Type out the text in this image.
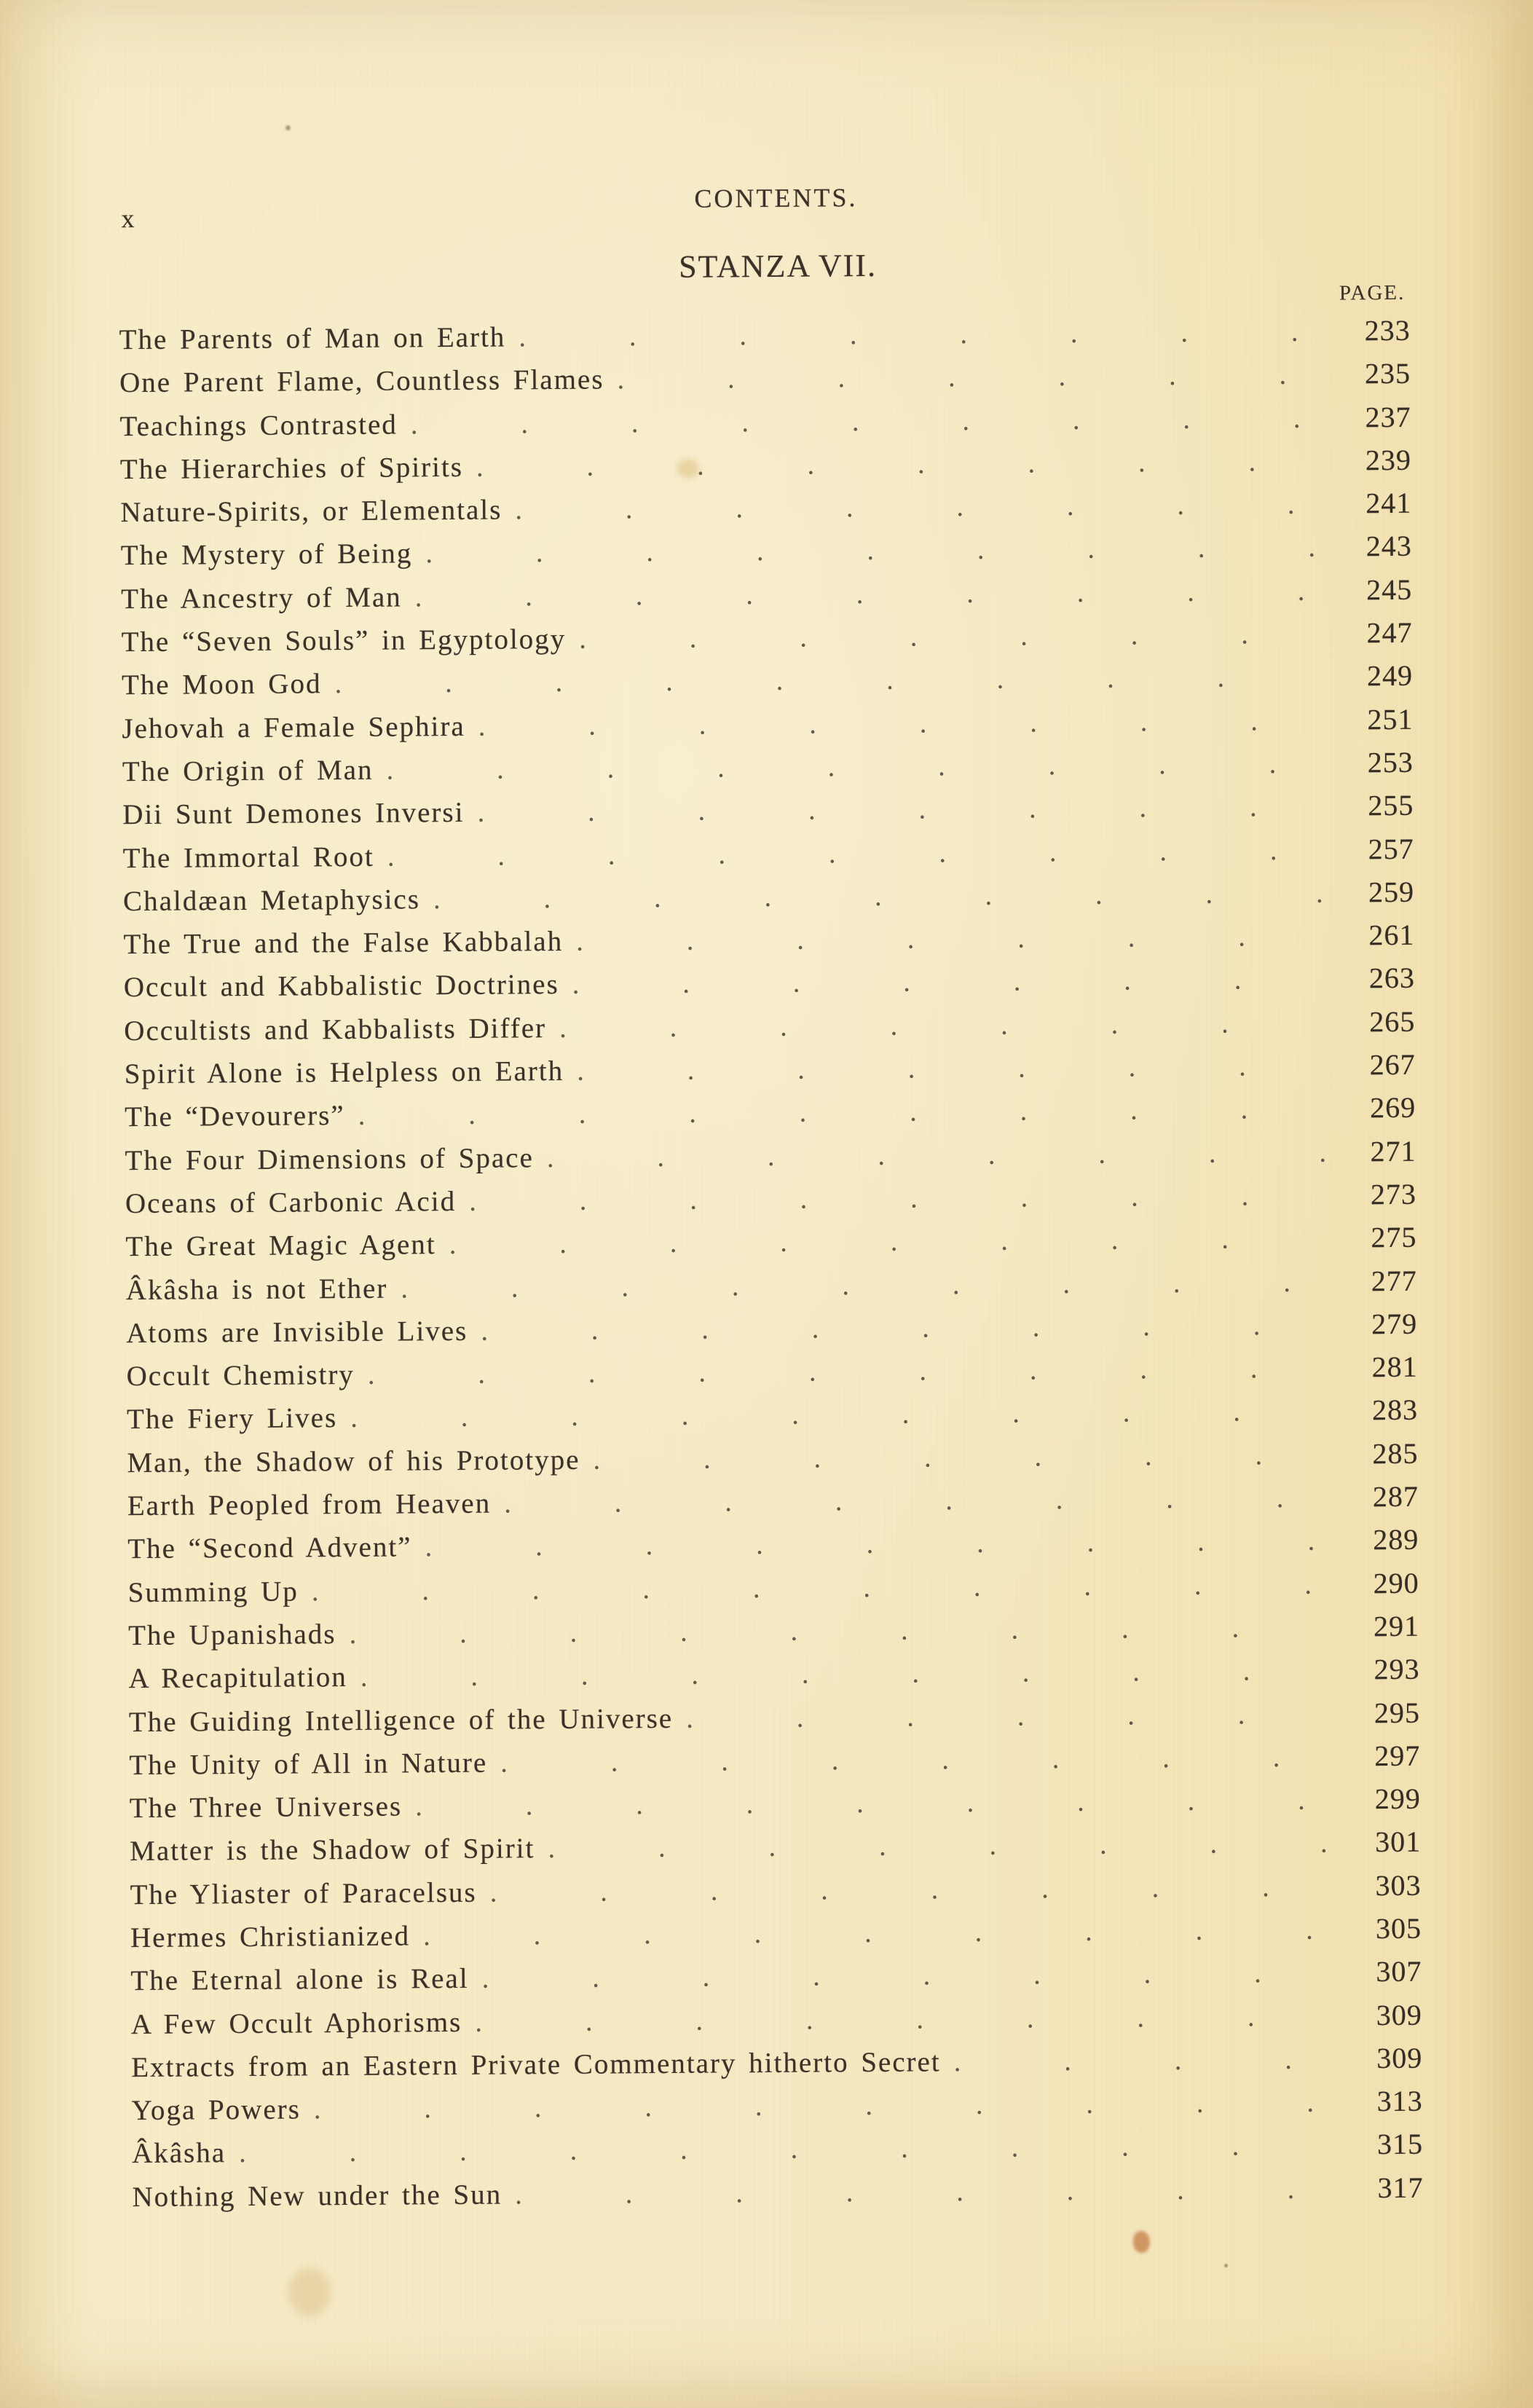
x
CONTENTS.
STANZA VII.
PAGE.
The Parents of Man on Earth . . .	233
One Parent Flame, Countless Flames . . .	235
Teachings Contrasted . . .	237
The Hierarchies of Spirits . . .	239
Nature-Spirits, or Elementals . . .	241
The Mystery of Being . . .	243
The Ancestry of Man . . .	245
The “Seven Souls” in Egyptology . . .	247
The Moon God . . .	249
Jehovah a Female Sephira . . .	251
The Origin of Man . . .	253
Dii Sunt Demones Inversi . . .	255
The Immortal Root . . .	257
Chaldæan Metaphysics . . .	259
The True and the False Kabbalah . . .	261
Occult and Kabbalistic Doctrines . . .	263
Occultists and Kabbalists Differ . . .	265
Spirit Alone is Helpless on Earth . . .	267
The “Devourers” . . .	269
The Four Dimensions of Space . . .	271
Oceans of Carbonic Acid . . .	273
The Great Magic Agent . . .	275
Âkâsha is not Ether . . .	277
Atoms are Invisible Lives . . .	279
Occult Chemistry . . .	281
The Fiery Lives . . .	283
Man, the Shadow of his Prototype . . .	285
Earth Peopled from Heaven . . .	287
The “Second Advent” . . .	289
Summing Up . . .	290
The Upanishads . . .	291
A Recapitulation . . .	293
The Guiding Intelligence of the Universe . . .	295
The Unity of All in Nature . . .	297
The Three Universes . . .	299
Matter is the Shadow of Spirit . . .	301
The Yliaster of Paracelsus . . .	303
Hermes Christianized . . .	305
The Eternal alone is Real . . .	307
A Few Occult Aphorisms . . .	309
Extracts from an Eastern Private Commentary hitherto Secret . . .	309
Yoga Powers . . .	313
Âkâsha . . .	315
Nothing New under the Sun . . .	317
